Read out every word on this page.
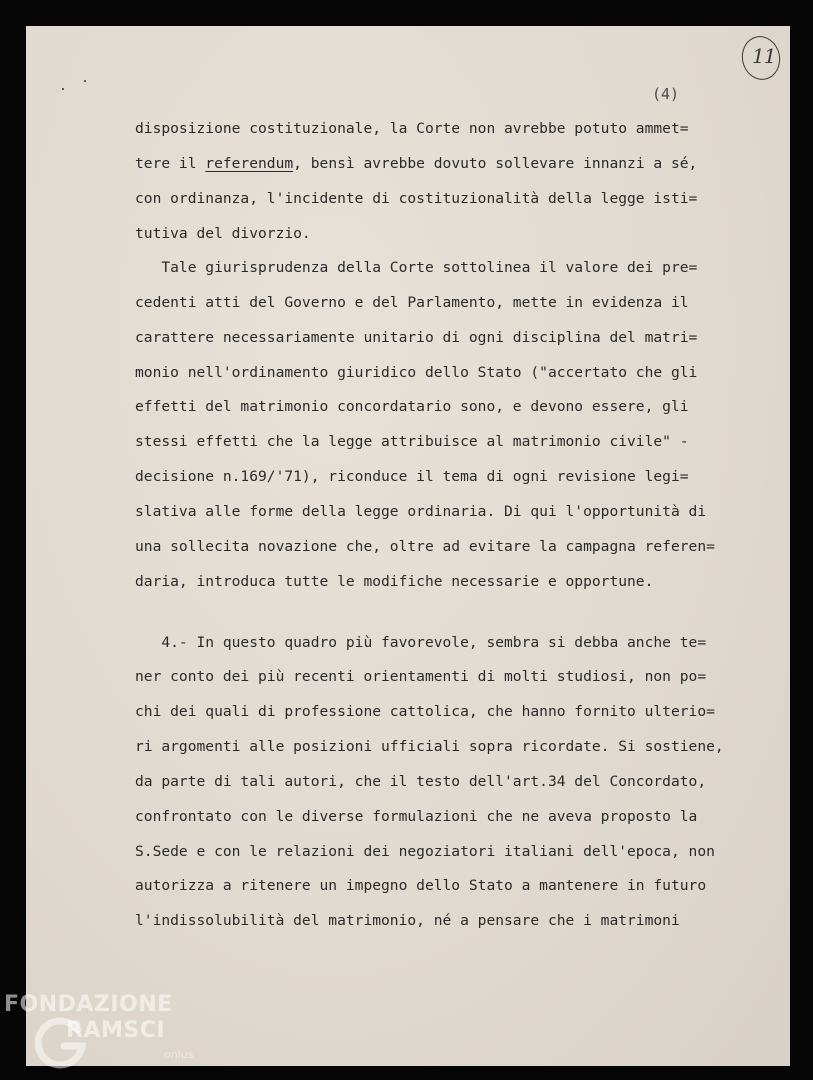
11
(4)
disposizione costituzionale, la Corte non avrebbe potuto ammet=
tere il referendum, bensì avrebbe dovuto sollevare innanzi a sé,
con ordinanza, l'incidente di costituzionalità della legge isti=
tutiva del divorzio.
Tale giurisprudenza della Corte sottolinea il valore dei pre=
cedenti atti del Governo e del Parlamento, mette in evidenza il
carattere necessariamente unitario di ogni disciplina del matri=
monio nell'ordinamento giuridico dello Stato ("accertato che gli
effetti del matrimonio concordatario sono, e devono essere, gli
stessi effetti che la legge attribuisce al matrimonio civile" -
decisione n.169/'71), riconduce il tema di ogni revisione legi=
slativa alle forme della legge ordinaria. Di qui l'opportunità di
una sollecita novazione che, oltre ad evitare la campagna referen=
daria, introduca tutte le modifiche necessarie e opportune.
4.- In questo quadro più favorevole, sembra si debba anche te=
ner conto dei più recenti orientamenti di molti studiosi, non po=
chi dei quali di professione cattolica, che hanno fornito ulterio=
ri argomenti alle posizioni ufficiali sopra ricordate. Si sostiene,
da parte di tali autori, che il testo dell'art.34 del Concordato,
confrontato con le diverse formulazioni che ne aveva proposto la
S.Sede e con le relazioni dei negoziatori italiani dell'epoca, non
autorizza a ritenere un impegno dello Stato a mantenere in futuro
l'indissolubilità del matrimonio, né a pensare che i matrimoni
FONDAZIONE
RAMSCI
onlus
